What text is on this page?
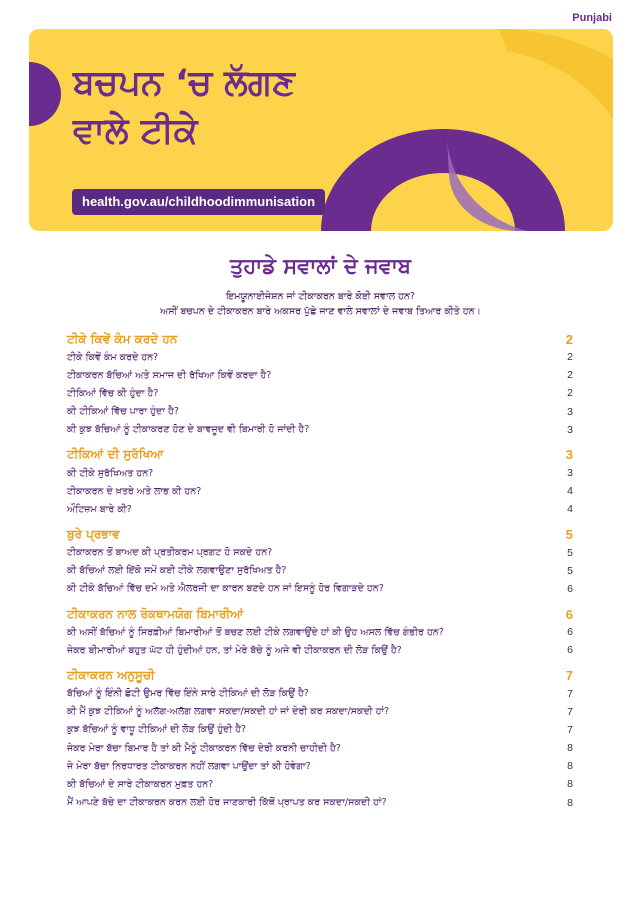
Punjabi
ਬਚਪਨ ‘ਚ ਲੱਗਣ
ਵਾਲੇ ਟੀਕੇ
health.gov.au/childhoodimmunisation
ਤੁਹਾਡੇ ਸਵਾਲਾਂ ਦੇ ਜਵਾਬ

ਇਮਯੂਨਾਈਜੇਸ਼ਨ ਜਾਂ ਟੀਕਾਕਰਨ ਬਾਰੇ ਕੋਈ ਸਵਾਲ ਹਨ?

ਅਸੀਂ ਬਚਪਨ ਦੇ ਟੀਕਾਕਰਨ ਬਾਰੇ ਅਕਸਰ ਪੁੱਛੇ ਜਾਣ ਵਾਲੇ ਸਵਾਲਾਂ ਦੇ ਜਵਾਬ ਤਿਆਰ ਕੀਤੇ ਹਨ।

ਟੀਕੇ ਕਿਵੇਂ ਕੰਮ ਕਰਦੇ ਹਨ	2
ਟੀਕੇ ਕਿਵੇਂ ਕੰਮ ਕਰਦੇ ਹਨ?	2
ਟੀਕਾਕਰਨ ਬੱਚਿਆਂ ਅਤੇ ਸਮਾਜ ਦੀ ਰੱਖਿਆ ਕਿਵੇਂ ਕਰਦਾ ਹੈ?	2
ਟੀਕਿਆਂ ਵਿੱਚ ਕੀ ਹੁੰਦਾ ਹੈ?	2
ਕੀ ਟੀਕਿਆਂ ਵਿੱਚ ਪਾਰਾ ਹੁੰਦਾ ਹੈ?	3
ਕੀ ਕੁਝ ਬੱਚਿਆਂ ਨੂੰ ਟੀਕਾਕਰਣ ਹੋਣ ਦੇ ਬਾਵਜੂਦ ਵੀ ਬਿਮਾਰੀ ਹੋ ਜਾਂਦੀ ਹੈ?	3
ਟੀਕਿਆਂ ਦੀ ਸੁਰੱਖਿਆ	3
ਕੀ ਟੀਕੇ ਸੁਰੱਖਿਅਤ ਹਨ?	3
ਟੀਕਾਕਰਨ ਦੇ ਖ਼ਤਰੇ ਅਤੇ ਲਾਭ ਕੀ ਹਨ?	4
ਔਟਿਜ਼ਮ ਬਾਰੇ ਕੀ?	4
ਬੁਰੇ ਪ੍ਰਭਾਵ	5
ਟੀਕਾਕਰਨ ਤੋਂ ਬਾਅਦ ਕੀ ਪ੍ਰਤੀਕਰਮ ਪ੍ਰਗਟ ਹੋ ਸਕਦੇ ਹਨ?	5
ਕੀ ਬੱਚਿਆਂ ਲਈ ਇੱਕੋ ਸਮੇਂ ਕਈ ਟੀਕੇ ਲਗਵਾਉਣਾ ਸੁਰੱਖਿਅਤ ਹੈ?	5
ਕੀ ਟੀਕੇ ਬੱਚਿਆਂ ਵਿੱਚ ਦਮੇ ਅਤੇ ਐਲਰਜੀ ਦਾ ਕਾਰਨ ਬਣਦੇ ਹਨ ਜਾਂ ਇਸਨੂੰ ਹੋਰ ਵਿਗਾੜਦੇ ਹਨ?	6
ਟੀਕਾਕਰਨ ਨਾਲ ਰੋਕਥਾਮਯੋਗ ਬਿਮਾਰੀਆਂ	6
ਕੀ ਅਸੀਂ ਬੱਚਿਆਂ ਨੂੰ ਸਿਰਫ਼ੀਆਂ ਬਿਮਾਰੀਆਂ ਤੋਂ ਬਚਣ ਲਈ ਟੀਕੇ ਲਗਵਾਉਂਦੇ ਹਾਂ ਕੀ ਉਹ ਅਸਲ ਵਿੱਚ ਗੰਭੀਰ ਹਨ?	6
ਜੇਕਰ ਬੀਮਾਰੀਆਂ ਬਹੁਤ ਘੱਟ ਹੀ ਹੁੰਦੀਆਂ ਹਨ, ਤਾਂ ਮੇਰੇ ਬੱਚੇ ਨੂੰ ਅਜੇ ਵੀ ਟੀਕਾਕਰਨ ਦੀ ਲੋੜ ਕਿਉਂ ਹੈ?	6
ਟੀਕਾਕਰਨ ਅਨੁਸੂਚੀ	7
ਬੱਚਿਆਂ ਨੂੰ ਇੰਨੀ ਛੋਟੀ ਉਮਰ ਵਿੱਚ ਇੰਨੇ ਸਾਰੇ ਟੀਕਿਆਂ ਦੀ ਲੋੜ ਕਿਉਂ ਹੈ?	7
ਕੀ ਮੈਂ ਕੁਝ ਟੀਕਿਆਂ ਨੂੰ ਅਲੱਗ-ਅਲੱਗ ਲਗਵਾ ਸਕਦਾ/ਸਕਦੀ ਹਾਂ ਜਾਂ ਦੇਰੀ ਕਰ ਸਕਦਾ/ਸਕਦੀ ਹਾਂ?	7
ਕੁਝ ਬੱਚਿਆਂ ਨੂੰ ਵਾਧੂ ਟੀਕਿਆਂ ਦੀ ਲੋੜ ਕਿਉਂ ਹੁੰਦੀ ਹੈ?	7
ਜੇਕਰ ਮੇਰਾ ਬੱਚਾ ਬਿਮਾਰ ਹੈ ਤਾਂ ਕੀ ਮੈਨੂੰ ਟੀਕਾਕਰਨ ਵਿੱਚ ਦੇਰੀ ਕਰਨੀ ਚਾਹੀਦੀ ਹੈ?	8
ਜੇ ਮੇਰਾ ਬੱਚਾ ਨਿਰਧਾਰਤ ਟੀਕਾਕਰਨ ਨਹੀਂ ਲਗਵਾ ਪਾਉਂਦਾ ਤਾਂ ਕੀ ਹੋਵੇਗਾ?	8
ਕੀ ਬੱਚਿਆਂ ਦੇ ਸਾਰੇ ਟੀਕਾਕਰਨ ਮੁਫ਼ਤ ਹਨ?	8
ਮੈਂ ਆਪਣੇ ਬੱਚੇ ਦਾ ਟੀਕਾਕਰਨ ਕਰਨ ਲਈ ਹੋਰ ਜਾਣਕਾਰੀ ਕਿੱਥੋਂ ਪ੍ਰਾਪਤ ਕਰ ਸਕਦਾ/ਸਕਦੀ ਹਾਂ?	8
